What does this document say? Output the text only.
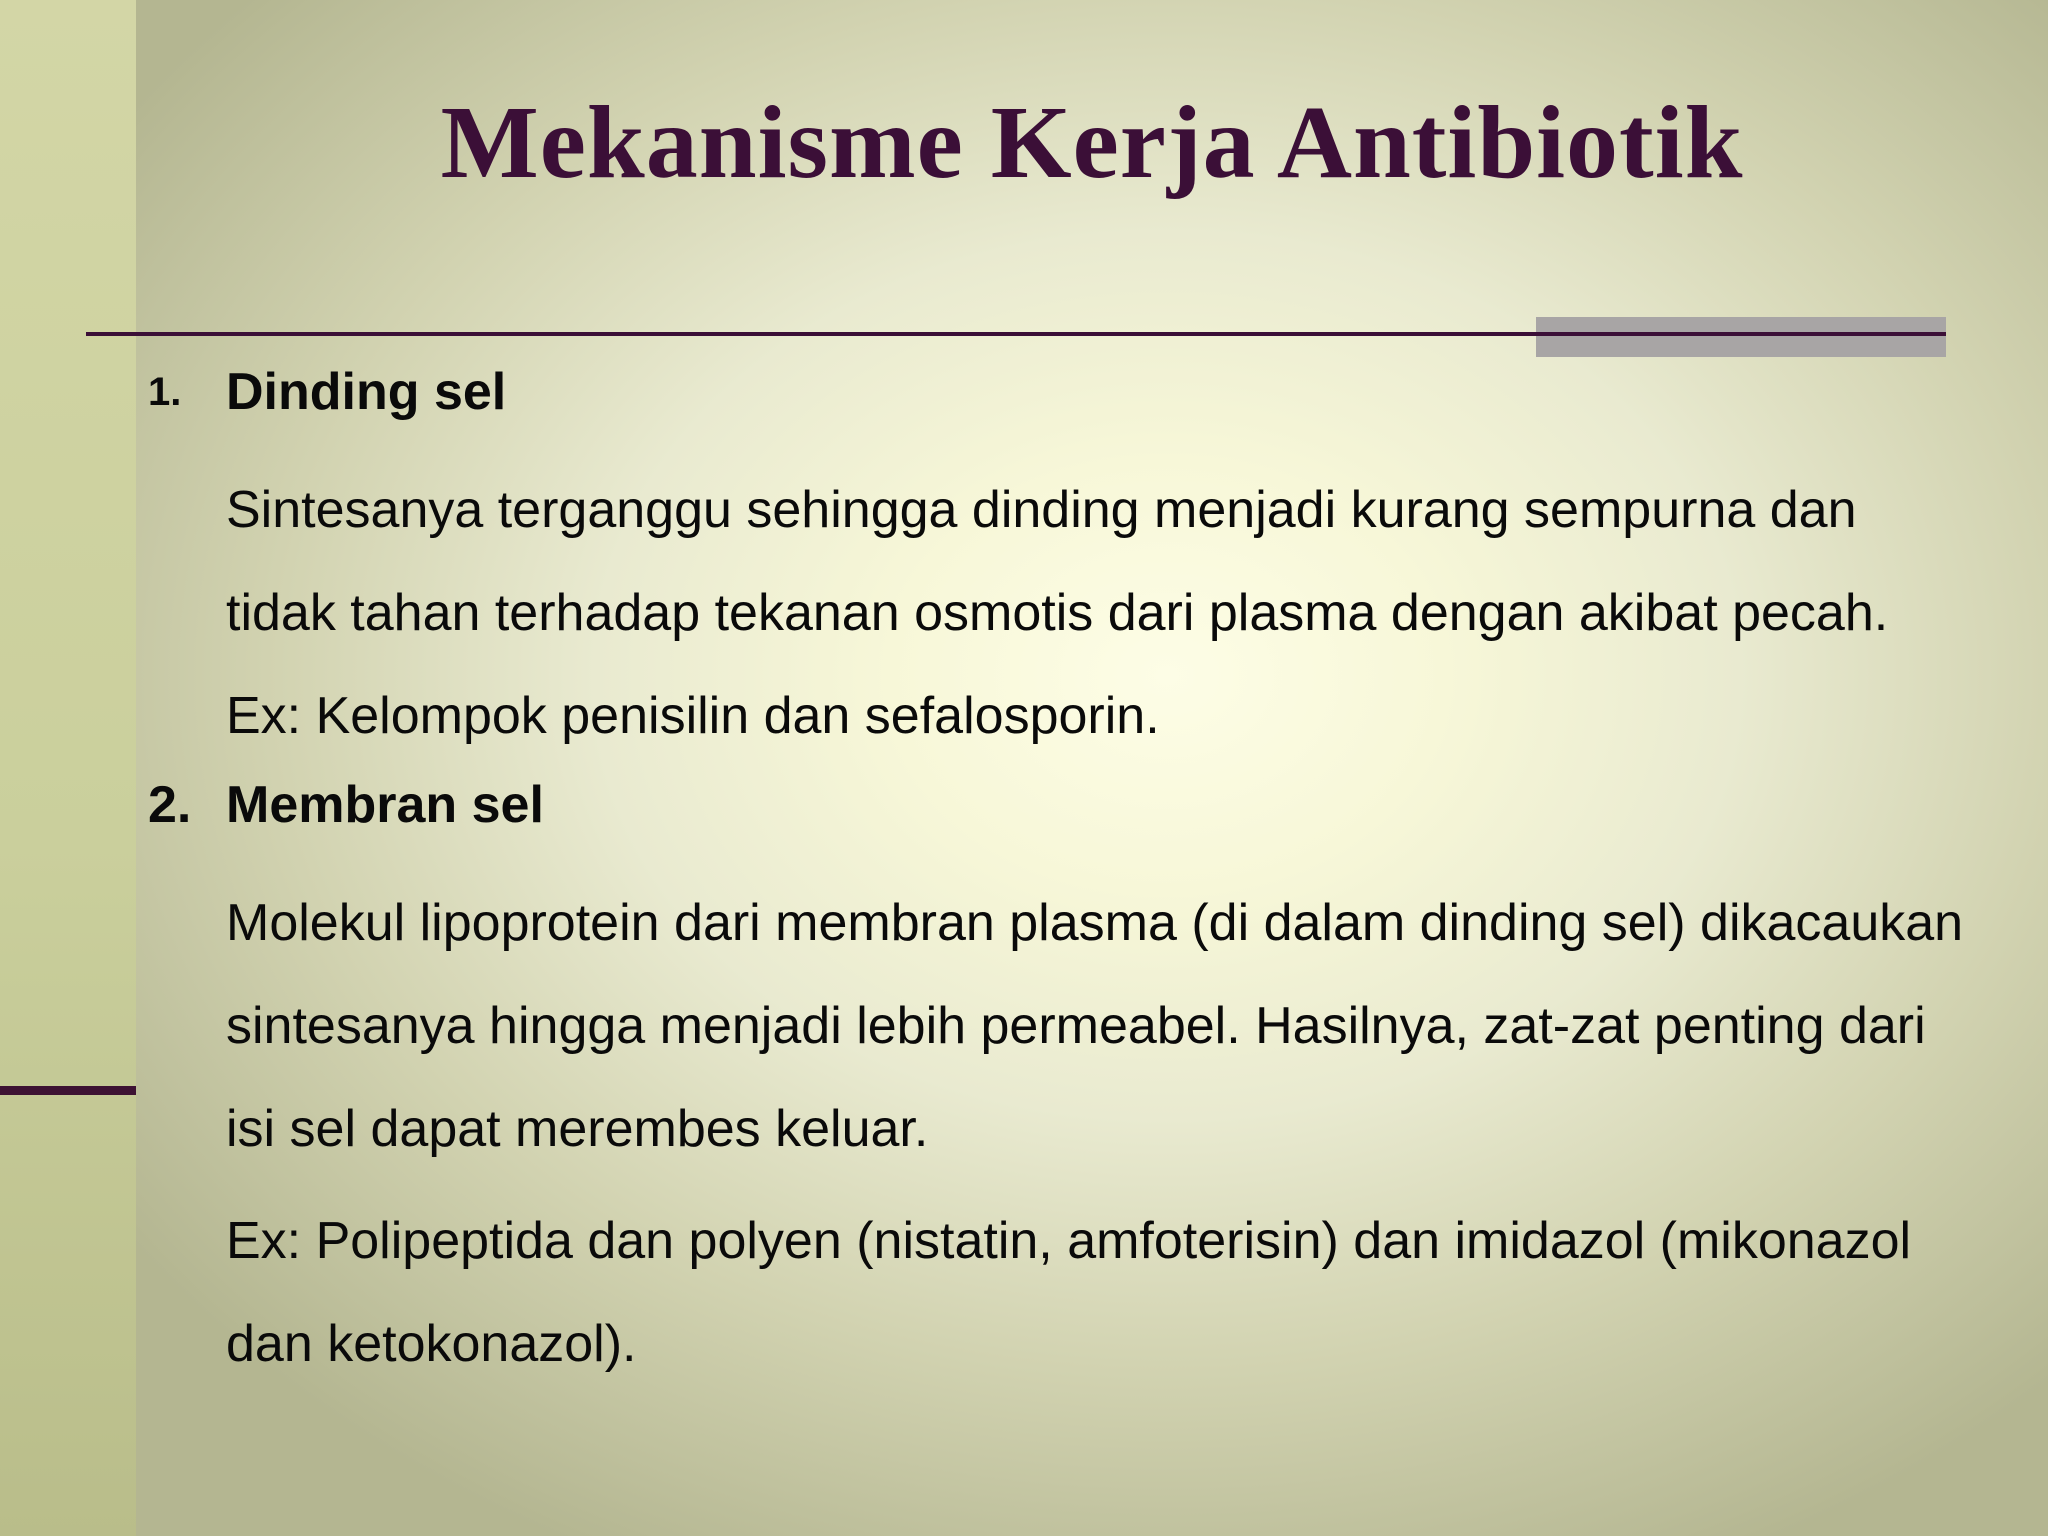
Mekanisme Kerja Antibiotik
1. Dinding sel

Sintesanya terganggu sehingga dinding menjadi kurang sempurna dan tidak tahan terhadap tekanan osmotis dari plasma dengan akibat pecah. Ex: Kelompok penisilin dan sefalosporin.

2. Membran sel

Molekul lipoprotein dari membran plasma (di dalam dinding sel) dikacaukan sintesanya hingga menjadi lebih permeabel. Hasilnya, zat-zat penting dari isi sel dapat merembes keluar.

Ex: Polipeptida dan polyen (nistatin, amfoterisin) dan imidazol (mikonazol dan ketokonazol).
